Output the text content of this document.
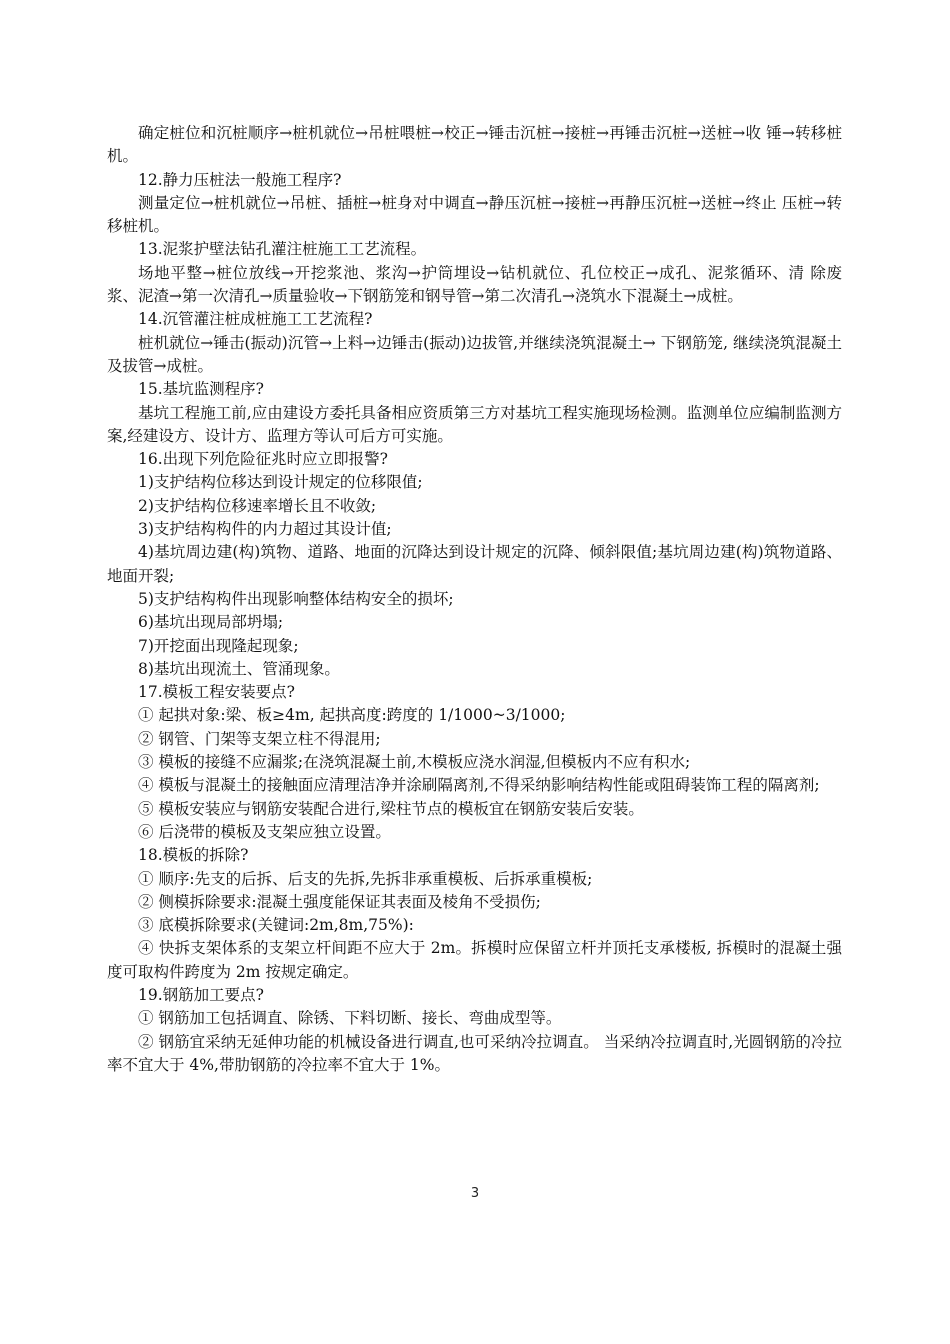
确定桩位和沉桩顺序→桩机就位→吊桩喂桩→校正→锤击沉桩→接桩→再锤击沉桩→送桩→收 锤→转移桩机。

12.静力压桩法一般施工程序?

测量定位→桩机就位→吊桩、插桩→桩身对中调直→静压沉桩→接桩→再静压沉桩→送桩→终止 压桩→转移桩机。

13.泥浆护壁法钻孔灌注桩施工工艺流程。

场地平整→桩位放线→开挖浆池、浆沟→护筒埋设→钻机就位、孔位校正→成孔、泥浆循环、清 除废浆、泥渣→第一次清孔→质量验收→下钢筋笼和钢导管→第二次清孔→浇筑水下混凝土→成桩。

14.沉管灌注桩成桩施工工艺流程?

桩机就位→锤击(振动)沉管→上料→边锤击(振动)边拔管,并继续浇筑混凝土→ 下钢筋笼, 继续浇筑混凝土及拔管→成桩。

15.基坑监测程序?

基坑工程施工前,应由建设方委托具备相应资质第三方对基坑工程实施现场检测。监测单位应编制监测方案,经建设方、设计方、监理方等认可后方可实施。

16.出现下列危险征兆时应立即报警?

1)支护结构位移达到设计规定的位移限值;

2)支护结构位移速率增长且不收敛;

3)支护结构构件的内力超过其设计值;

4)基坑周边建(构)筑物、道路、地面的沉降达到设计规定的沉降、倾斜限值;基坑周边建(构)筑物道路、地面开裂;

5)支护结构构件出现影响整体结构安全的损坏;

6)基坑出现局部坍塌;

7)开挖面出现隆起现象;

8)基坑出现流土、管涌现象。

17.模板工程安装要点?

① 起拱对象:梁、板≥4m, 起拱高度:跨度的 1/1000~3/1000;

② 钢管、门架等支架立柱不得混用;

③ 模板的接缝不应漏浆;在浇筑混凝土前,木模板应浇水润湿,但模板内不应有积水;

④ 模板与混凝土的接触面应清理洁净并涂刷隔离剂,不得采纳影响结构性能或阻碍装饰工程的隔离剂;

⑤ 模板安装应与钢筋安装配合进行,梁柱节点的模板宜在钢筋安装后安装。

⑥ 后浇带的模板及支架应独立设置。

18.模板的拆除?

① 顺序:先支的后拆、后支的先拆,先拆非承重模板、后拆承重模板;

② 侧模拆除要求:混凝土强度能保证其表面及棱角不受损伤;

③ 底模拆除要求(关键词:2m,8m,75%):

④ 快拆支架体系的支架立杆间距不应大于 2m。拆模时应保留立杆并顶托支承楼板, 拆模时的混凝土强度可取构件跨度为 2m 按规定确定。

19.钢筋加工要点?

① 钢筋加工包括调直、除锈、下料切断、接长、弯曲成型等。

② 钢筋宜采纳无延伸功能的机械设备进行调直,也可采纳冷拉调直。 当采纳冷拉调直时,光圆钢筋的冷拉率不宜大于 4%,带肋钢筋的冷拉率不宜大于 1%。

3
